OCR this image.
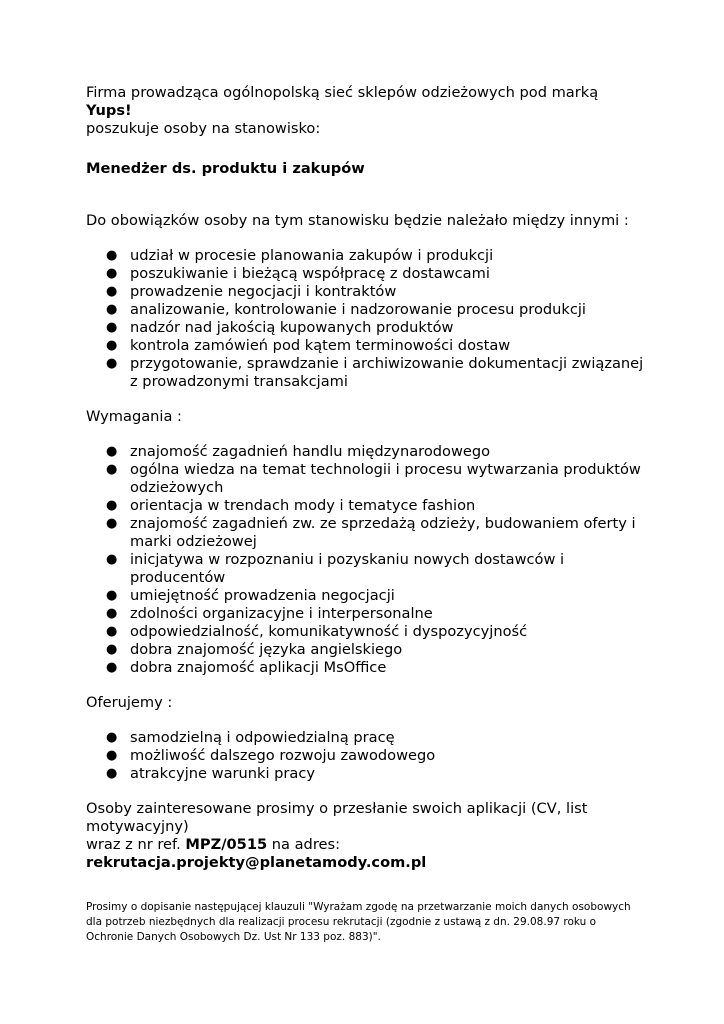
Firma prowadząca ogólnopolską sieć sklepów odzieżowych pod marką Yups!
poszukuje osoby na stanowisko:

Menedżer ds. produktu i zakupów

Do obowiązków osoby na tym stanowisku będzie należało między innymi :

● udział w procesie planowania zakupów i produkcji
● poszukiwanie i bieżącą współpracę z dostawcami
● prowadzenie negocjacji i kontraktów
● analizowanie, kontrolowanie i nadzorowanie procesu produkcji
● nadzór nad jakością kupowanych produktów
● kontrola zamówień pod kątem terminowości dostaw
● przygotowanie, sprawdzanie i archiwizowanie dokumentacji związanej z prowadzonymi transakcjami

Wymagania :

● znajomość zagadnień handlu międzynarodowego
● ogólna wiedza na temat technologii i procesu wytwarzania produktów odzieżowych
● orientacja w trendach mody i tematyce fashion
● znajomość zagadnień zw. ze sprzedażą odzieży, budowaniem oferty i marki odzieżowej
● inicjatywa w rozpoznaniu i pozyskaniu nowych dostawców i producentów
● umiejętność prowadzenia negocjacji
● zdolności organizacyjne i interpersonalne
● odpowiedzialność, komunikatywność i dyspozycyjność
● dobra znajomość języka angielskiego
● dobra znajomość aplikacji MsOffice

Oferujemy :

● samodzielną i odpowiedzialną pracę
● możliwość dalszego rozwoju zawodowego
● atrakcyjne warunki pracy

Osoby zainteresowane prosimy o przesłanie swoich aplikacji (CV, list motywacyjny)
wraz z nr ref. MPZ/0515 na adres: rekrutacja.projekty@planetamody.com.pl

Prosimy o dopisanie następującej klauzuli "Wyrażam zgodę na przetwarzanie moich danych osobowych dla potrzeb niezbędnych dla realizacji procesu rekrutacji (zgodnie z ustawą z dn. 29.08.97 roku o Ochronie Danych Osobowych Dz. Ust Nr 133 poz. 883)".
